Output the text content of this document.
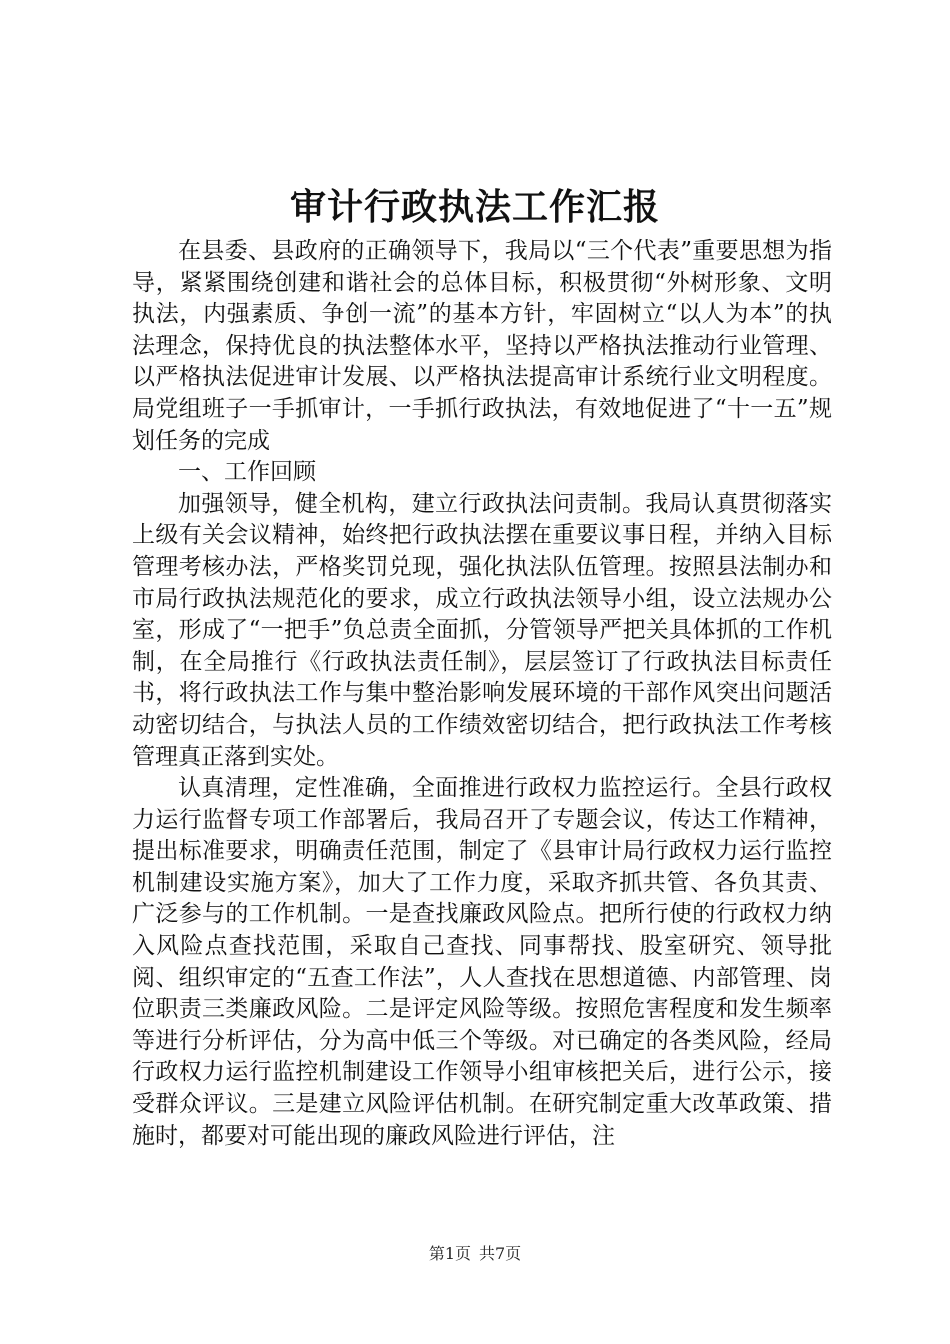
审计行政执法工作汇报

在县委、县政府的正确领导下，我局以“三个代表”重要思想为指导，紧紧围绕创建和谐社会的总体目标，积极贯彻“外树形象、文明执法，内强素质、争创一流”的基本方针，牢固树立“以人为本”的执法理念，保持优良的执法整体水平，坚持以严格执法推动行业管理、以严格执法促进审计发展、以严格执法提高审计系统行业文明程度。局党组班子一手抓审计，一手抓行政执法，有效地促进了“十一五”规划任务的完成

一、工作回顾

加强领导，健全机构，建立行政执法问责制。我局认真贯彻落实上级有关会议精神，始终把行政执法摆在重要议事日程，并纳入目标管理考核办法，严格奖罚兑现，强化执法队伍管理。按照县法制办和市局行政执法规范化的要求，成立行政执法领导小组，设立法规办公室，形成了“一把手”负总责全面抓，分管领导严把关具体抓的工作机制，在全局推行《行政执法责任制》，层层签订了行政执法目标责任书，将行政执法工作与集中整治影响发展环境的干部作风突出问题活动密切结合，与执法人员的工作绩效密切结合，把行政执法工作考核管理真正落到实处。

认真清理，定性准确，全面推进行政权力监控运行。全县行政权力运行监督专项工作部署后，我局召开了专题会议，传达工作精神，提出标准要求，明确责任范围，制定了《县审计局行政权力运行监控机制建设实施方案》，加大了工作力度，采取齐抓共管、各负其责、广泛参与的工作机制。一是查找廉政风险点。把所行使的行政权力纳入风险点查找范围，采取自己查找、同事帮找、股室研究、领导批阅、组织审定的“五查工作法”，人人查找在思想道德、内部管理、岗位职责三类廉政风险。二是评定风险等级。按照危害程度和发生频率等进行分析评估，分为高中低三个等级。对已确定的各类风险，经局行政权力运行监控机制建设工作领导小组审核把关后，进行公示，接受群众评议。三是建立风险评估机制。在研究制定重大改革政策、措施时，都要对可能出现的廉政风险进行评估，注

第1页 共7页
